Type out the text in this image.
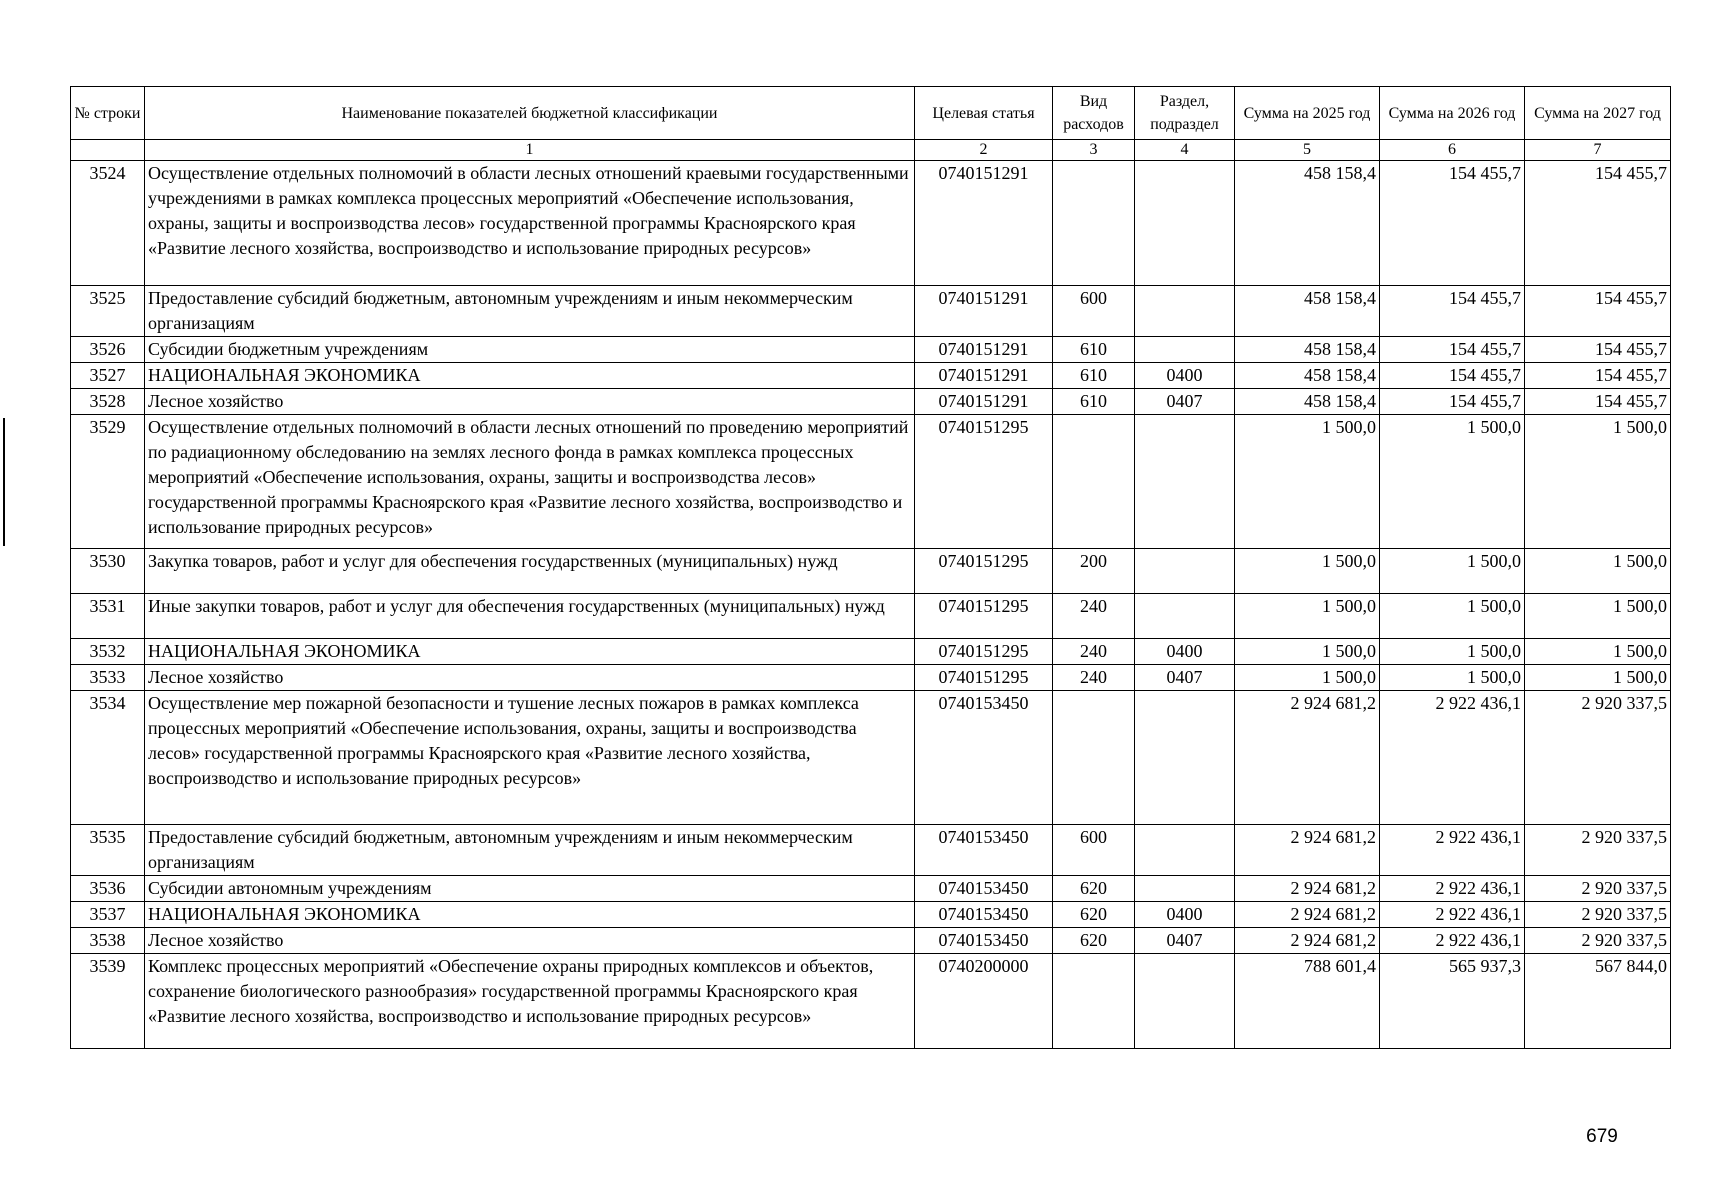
№ строки	Наименование показателей бюджетной классификации	Целевая статья	Вид расходов	Раздел, подраздел	Сумма на 2025 год	Сумма на 2026 год	Сумма на 2027 год
	1	2	3	4	5	6	7
3524	Осуществление отдельных полномочий в области лесных отношений краевыми государственными учреждениями в рамках комплекса процессных мероприятий «Обеспечение использования, охраны, защиты и воспроизводства лесов» государственной программы Красноярского края «Развитие лесного хозяйства, воспроизводство и использование природных ресурсов»	0740151291			458 158,4	154 455,7	154 455,7
3525	Предоставление субсидий бюджетным, автономным учреждениям и иным некоммерческим организациям	0740151291	600		458 158,4	154 455,7	154 455,7
3526	Субсидии бюджетным учреждениям	0740151291	610		458 158,4	154 455,7	154 455,7
3527	НАЦИОНАЛЬНАЯ ЭКОНОМИКА	0740151291	610	0400	458 158,4	154 455,7	154 455,7
3528	Лесное хозяйство	0740151291	610	0407	458 158,4	154 455,7	154 455,7
3529	Осуществление отдельных полномочий в области лесных отношений по проведению мероприятий по радиационному обследованию на землях лесного фонда в рамках комплекса процессных мероприятий «Обеспечение использования, охраны, защиты и воспроизводства лесов» государственной программы Красноярского края «Развитие лесного хозяйства, воспроизводство и использование природных ресурсов»	0740151295			1 500,0	1 500,0	1 500,0
3530	Закупка товаров, работ и услуг для обеспечения государственных (муниципальных) нужд	0740151295	200		1 500,0	1 500,0	1 500,0
3531	Иные закупки товаров, работ и услуг для обеспечения государственных (муниципальных) нужд	0740151295	240		1 500,0	1 500,0	1 500,0
3532	НАЦИОНАЛЬНАЯ ЭКОНОМИКА	0740151295	240	0400	1 500,0	1 500,0	1 500,0
3533	Лесное хозяйство	0740151295	240	0407	1 500,0	1 500,0	1 500,0
3534	Осуществление мер пожарной безопасности и тушение лесных пожаров в рамках комплекса процессных мероприятий «Обеспечение использования, охраны, защиты и воспроизводства лесов» государственной программы Красноярского края «Развитие лесного хозяйства, воспроизводство и использование природных ресурсов»	0740153450			2 924 681,2	2 922 436,1	2 920 337,5
3535	Предоставление субсидий бюджетным, автономным учреждениям и иным некоммерческим организациям	0740153450	600		2 924 681,2	2 922 436,1	2 920 337,5
3536	Субсидии автономным учреждениям	0740153450	620		2 924 681,2	2 922 436,1	2 920 337,5
3537	НАЦИОНАЛЬНАЯ ЭКОНОМИКА	0740153450	620	0400	2 924 681,2	2 922 436,1	2 920 337,5
3538	Лесное хозяйство	0740153450	620	0407	2 924 681,2	2 922 436,1	2 920 337,5
3539	Комплекс процессных мероприятий «Обеспечение охраны природных комплексов и объектов, сохранение биологического разнообразия» государственной программы Красноярского края «Развитие лесного хозяйства, воспроизводство и использование природных ресурсов»	0740200000			788 601,4	565 937,3	567 844,0
679
